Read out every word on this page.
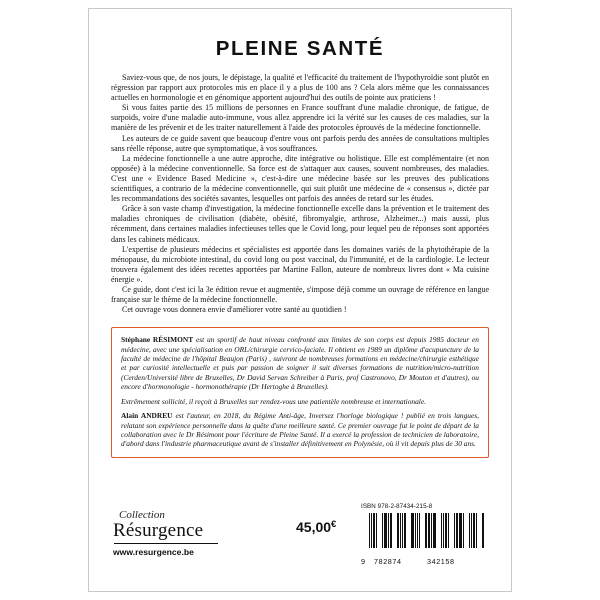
PLEINE SANTÉ

Saviez-vous que, de nos jours, le dépistage, la qualité et l'efficacité du traitement de l'hypothyroïdie sont plutôt en régression par rapport aux protocoles mis en place il y a plus de 100 ans ? Cela alors même que les connaissances actuelles en hormonologie et en génomique apportent aujourd'hui des outils de pointe aux praticiens !

Si vous faites partie des 15 millions de personnes en France souffrant d'une maladie chronique, de fatigue, de surpoids, voire d'une maladie auto-immune, vous allez apprendre ici la vérité sur les causes de ces maladies, sur la manière de les prévenir et de les traiter naturellement à l'aide des protocoles éprouvés de la médecine fonctionnelle.

Les auteurs de ce guide savent que beaucoup d'entre vous ont parfois perdu des années de consultations multiples sans réelle réponse, autre que symptomatique, à vos souffrances.

La médecine fonctionnelle a une autre approche, dite intégrative ou holistique. Elle est complémentaire (et non opposée) à la médecine conventionnelle. Sa force est de s'attaquer aux causes, souvent nombreuses, des maladies. C'est une « Evidence Based Medicine », c'est-à-dire une médecine basée sur les preuves des publications scientifiques, a contrario de la médecine conventionnelle, qui suit plutôt une médecine de « consensus », dictée par les recommandations des sociétés savantes, lesquelles ont parfois des années de retard sur les études.

Grâce à son vaste champ d'investigation, la médecine fonctionnelle excelle dans la prévention et le traitement des maladies chroniques de civilisation (diabète, obésité, fibromyalgie, arthrose, Alzheimer...) mais aussi, plus récemment, dans certaines maladies infectieuses telles que le Covid long, pour lequel peu de réponses sont apportées dans les cabinets médicaux.

L'expertise de plusieurs médecins et spécialistes est apportée dans les domaines variés de la phytothérapie de la ménopause, du microbiote intestinal, du covid long ou post vaccinal, du l'immunité, et de la cardiologie. Le lecteur trouvera également des idées recettes apportées par Martine Fallon, auteure de nombreux livres dont « Ma cuisine énergie ».

Ce guide, dont c'est ici la 3e édition revue et augmentée, s'impose déjà comme un ouvrage de référence en langue française sur le thème de la médecine fonctionnelle.

Cet ouvrage vous donnera envie d'améliorer votre santé au quotidien !

Stéphane RÉSIMONT est un sportif de haut niveau confronté aux limites de son corps est depuis 1985 docteur en médecine, avec une spécialisation en ORL/chirurgie cervico-faciale. Il obtient en 1989 un diplôme d'acupuncture de la faculté de médecine de l'hôpital Beaujon (Paris) , suivront de nombreuses formations en médecine/chirurgie esthétique et par curiosité intellectuelle et puis par passion de soigner il suit diverses formations de nutrition/micro-nutrition (Cerden/Université libre de Bruxelles, Dr David Servan Schreiber à Paris, prof Castronovo, Dr Mouton et d'autres), ou encore d'hormonologie - hormonothérapie (Dr Hertoghe à Bruxelles).

Extrêmement sollicité, il reçoit à Bruxelles sur rendez-vous une patientèle nombreuse et internationale.

Alain ANDREU est l'auteur, en 2018, du Régime Anti-âge, Inversez l'horloge biologique ! publié en trois langues, relatant son expérience personnelle dans la quête d'une meilleure santé. Ce premier ouvrage fut le point de départ de la collaboration avec le Dr Résimont pour l'écriture de Pleine Santé. Il a exercé la profession de technicien de laboratoire, d'abord dans l'industrie pharmaceutique avant de s'installer définitivement en Polynésie, où il vit depuis plus de 30 ans.

Collection
Résurgence
www.resurgence.be
45,00€
ISBN 978-2-87434-215-8

9 782874	342158
